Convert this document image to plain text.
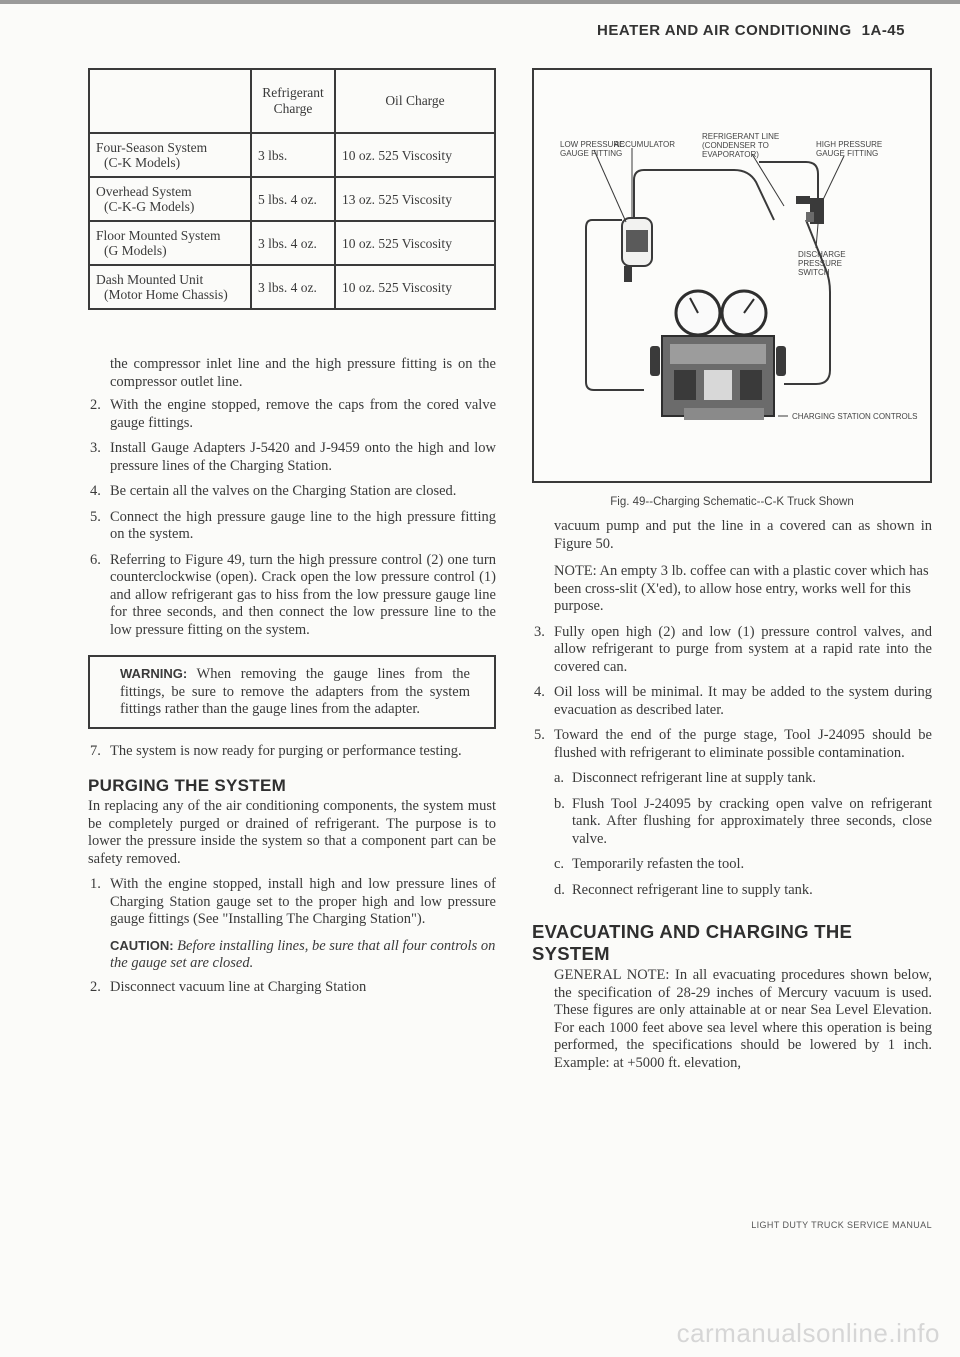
HEATER AND AIR CONDITIONING 1A-45
	Refrigerant Charge	Oil Charge
Four-Season System
(C-K Models)	3 lbs.	10 oz. 525 Viscosity
Overhead System
(C-K-G Models)	5 lbs. 4 oz.	13 oz. 525 Viscosity
Floor Mounted System
(G Models)	3 lbs. 4 oz.	10 oz. 525 Viscosity
Dash Mounted Unit
(Motor Home Chassis)	3 lbs. 4 oz.	10 oz. 525 Viscosity

the compressor inlet line and the high pressure fitting is on the compressor outlet line.

2. With the engine stopped, remove the caps from the cored valve gauge fittings.
3. Install Gauge Adapters J-5420 and J-9459 onto the high and low pressure lines of the Charging Station.
4. Be certain all the valves on the Charging Station are closed.
5. Connect the high pressure gauge line to the high pressure fitting on the system.
6. Referring to Figure 49, turn the high pressure control (2) one turn counterclockwise (open). Crack open the low pressure control (1) and allow refrigerant gas to hiss from the low pressure gauge line for three seconds, and then connect the low pressure line to the low pressure fitting on the system.
WARNING: When removing the gauge lines from the fittings, be sure to remove the adapters from the system fittings rather than the gauge lines from the adapter.
7. The system is now ready for purging or performance testing.
PURGING THE SYSTEM

In replacing any of the air conditioning components, the system must be completely purged or drained of refrigerant. The purpose is to lower the pressure inside the system so that a component part can be safety removed.

1. With the engine stopped, install high and low pressure lines of Charging Station gauge set to the proper high and low pressure gauge fittings (See "Installing The Charging Station").
CAUTION: Before installing lines, be sure that all four controls on the gauge set are closed.
2. Disconnect vacuum line at Charging Station
LOW PRESSURE GAUGE FITTING
ACCUMULATOR
REFRIGERANT LINE (CONDENSER TO EVAPORATOR)
HIGH PRESSURE GAUGE FITTING
DISCHARGE PRESSURE SWITCH
CHARGING STATION CONTROLS
Fig. 49--Charging Schematic--C-K Truck Shown

vacuum pump and put the line in a covered can as shown in Figure 50.

NOTE: An empty 3 lb. coffee can with a plastic cover which has been cross-slit (X'ed), to allow hose entry, works well for this purpose.

3. Fully open high (2) and low (1) pressure control valves, and allow refrigerant to purge from system at a rapid rate into the covered can.
4. Oil loss will be minimal. It may be added to the system during evacuation as described later.
5. Toward the end of the purge stage, Tool J-24095 should be flushed with refrigerant to eliminate possible contamination.
a. Disconnect refrigerant line at supply tank.
b. Flush Tool J-24095 by cracking open valve on refrigerant tank. After flushing for approximately three seconds, close valve.
c. Temporarily refasten the tool.
d. Reconnect refrigerant line to supply tank.
EVACUATING AND CHARGING THE SYSTEM

GENERAL NOTE: In all evacuating procedures shown below, the specification of 28-29 inches of Mercury vacuum is used. These figures are only attainable at or near Sea Level Elevation. For each 1000 feet above sea level where this operation is being performed, the specifications should be lowered by 1 inch. Example: at +5000 ft. elevation,

LIGHT DUTY TRUCK SERVICE MANUAL
carmanualsonline.info
